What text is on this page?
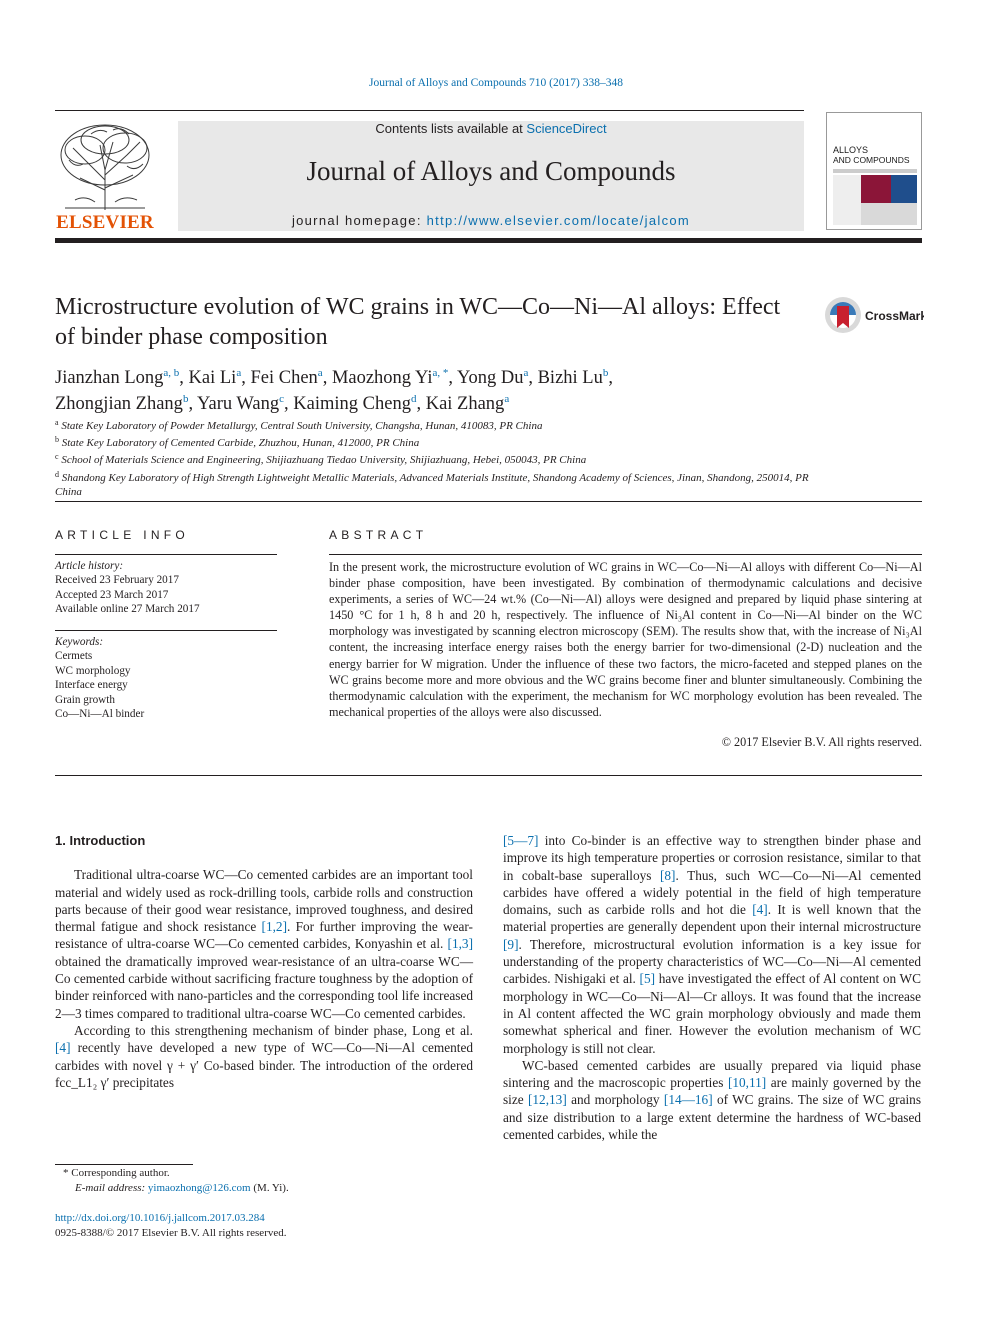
Journal of Alloys and Compounds 710 (2017) 338–348
ELSEVIER
Contents lists available at ScienceDirect
Journal of Alloys and Compounds
journal homepage: http://www.elsevier.com/locate/jalcom
ALLOYS
AND COMPOUNDS
Microstructure evolution of WC grains in WC—Co—Ni—Al alloys: Effect
of binder phase composition
CrossMark
Jianzhan Long$^{a, b}$, Kai Li$^a$, Fei Chen$^a$, Maozhong $Yi^{a, *}$, Yong Du$^a$, Bizhi Lu$^b$,
Zhongjian Zhang$^b$, Yaru Wang$^c$, Kaiming Cheng$^d$, Kai Zhang$^a$
$^a$ State Key Laboratory of Powder Metallurgy, Central South University, Changsha, Hunan, 410083, PR China
$^b$ State Key Laboratory of Cemented Carbide, Zhuzhou, Hunan, 412000, PR China
$^c$ School of Materials Science and Engineering, Shijiazhuang Tiedao University, Shijiazhuang, Hebei, 050043, PR China
$^d$ Shandong Key Laboratory of High Strength Lightweight Metallic Materials, Advanced Materials Institute, Shandong Academy of Sciences, Jinan, Shandong, 250014, PR China
ARTICLE INFO	ABSTRACT
Article history:
Received 23 February 2017
Accepted 23 March 2017
Available online 27 March 2017
Keywords:
Cermets
WC morphology
Interface energy
Grain growth
Co—Ni—Al binder
In the present work, the microstructure evolution of WC grains in WC—Co—Ni—Al alloys with different Co—Ni—Al binder phase composition, have been investigated. By combination of thermodynamic calculations and decisive experiments, a series of WC—24 wt.% (Co—Ni—Al) alloys were designed and prepared by liquid phase sintering at 1450 °C for 1 h, 8 h and 20 h, respectively. The influence of Ni₃Al content in Co—Ni—Al binder on the WC morphology was investigated by scanning electron microscopy (SEM). The results show that, with the increase of Ni₃Al content, the increasing interface energy raises both the energy barrier for two-dimensional (2-D) nucleation and the energy barrier for W migration. Under the influence of these two factors, the micro-faceted and stepped planes on the WC grains become more and more obvious and the WC grains become finer and blunter simultaneously. Combining the thermodynamic calculation with the experiment, the mechanism for WC morphology evolution has been revealed. The mechanical properties of the alloys were also discussed.
© 2017 Elsevier B.V. All rights reserved.
1. Introduction

Traditional ultra-coarse WC—Co cemented carbides are an important tool material and widely used as rock-drilling tools, carbide rolls and construction parts because of their good wear resistance, improved toughness, and desired thermal fatigue and shock resistance [1,2]. For further improving the wear-resistance of ultra-coarse WC—Co cemented carbides, Konyashin et al. [1,3] obtained the dramatically improved wear-resistance of an ultra-coarse WC—Co cemented carbide without sacrificing fracture toughness by the adoption of binder reinforced with nano-particles and the corresponding tool life increased 2—3 times compared to traditional ultra-coarse WC—Co cemented carbides.

According to this strengthening mechanism of binder phase, Long et al. [4] recently have developed a new type of WC—Co—Ni—Al cemented carbides with novel γ + γ′ Co-based binder. The introduction of the ordered fcc_L1₂ γ′ precipitates

[5—7] into Co-binder is an effective way to strengthen binder phase and improve its high temperature properties or corrosion resistance, similar to that in cobalt-base superalloys [8]. Thus, such WC—Co—Ni—Al cemented carbides have offered a widely potential in the field of high temperature domains, such as carbide rolls and hot die [4]. It is well known that the material properties are generally dependent upon their internal microstructure [9]. Therefore, microstructural evolution information is a key issue for understanding of the property characteristics of WC—Co—Ni—Al cemented carbides. Nishigaki et al. [5] have investigated the effect of Al content on WC morphology in WC—Co—Ni—Al—Cr alloys. It was found that the increase in Al content affected the WC grain morphology obviously and made them somewhat spherical and finer. However the evolution mechanism of WC morphology is still not clear.

WC-based cemented carbides are usually prepared via liquid phase sintering and the macroscopic properties [10,11] are mainly governed by the size [12,13] and morphology [14—16] of WC grains. The size of WC grains and size distribution to a large extent determine the hardness of WC-based cemented carbides, while the

* Corresponding author.
E-mail address: yimaozhong@126.com (M. Yi).
http://dx.doi.org/10.1016/j.jallcom.2017.03.284
0925-8388/© 2017 Elsevier B.V. All rights reserved.
